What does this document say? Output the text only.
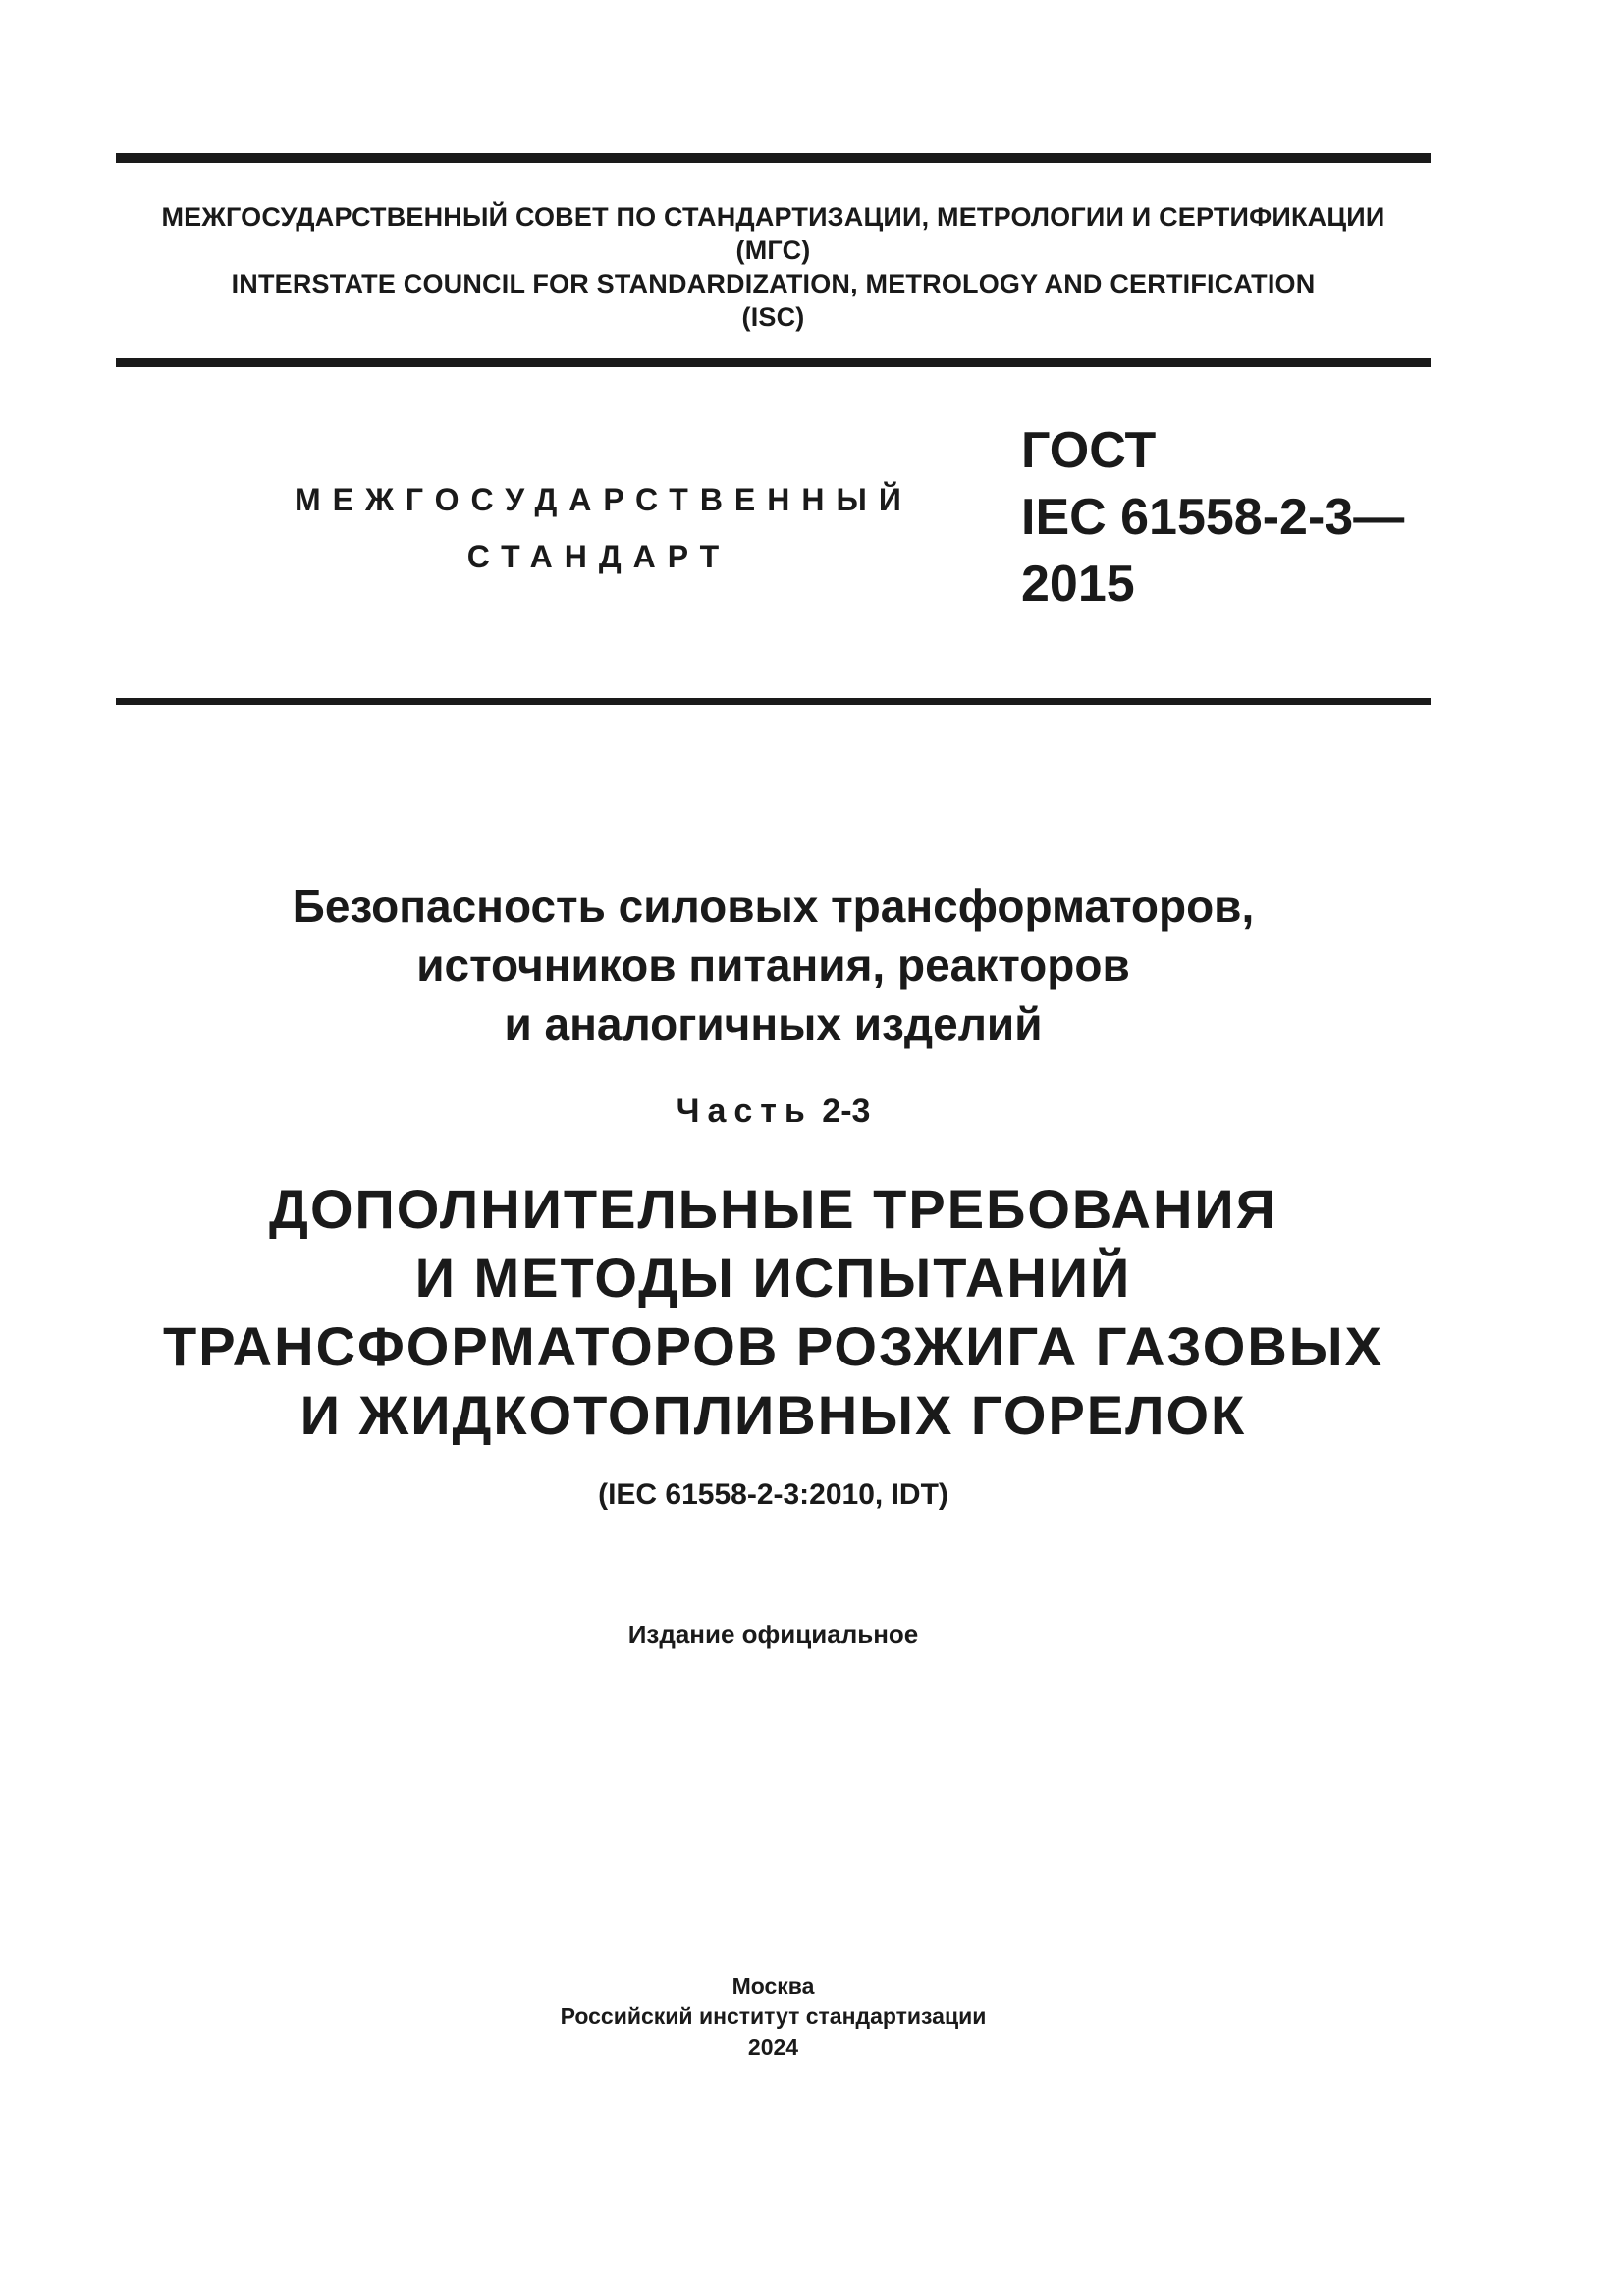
МЕЖГОСУДАРСТВЕННЫЙ СОВЕТ ПО СТАНДАРТИЗАЦИИ, МЕТРОЛОГИИ И СЕРТИФИКАЦИИ
(МГС)
INTERSTATE COUNCIL FOR STANDARDIZATION, METROLOGY AND CERTIFICATION
(ISC)
МЕЖГОСУДАРСТВЕННЫЙ
СТАНДАРТ
ГОСТ
IEC 61558-2-3—
2015
Безопасность силовых трансформаторов,
источников питания, реакторов
и аналогичных изделий
Часть 2-3
ДОПОЛНИТЕЛЬНЫЕ ТРЕБОВАНИЯ
И МЕТОДЫ ИСПЫТАНИЙ
ТРАНСФОРМАТОРОВ РОЗЖИГА ГАЗОВЫХ
И ЖИДКОТОПЛИВНЫХ ГОРЕЛОК
(IEC 61558-2-3:2010, IDT)
Издание официальное
Москва
Российский институт стандартизации
2024
